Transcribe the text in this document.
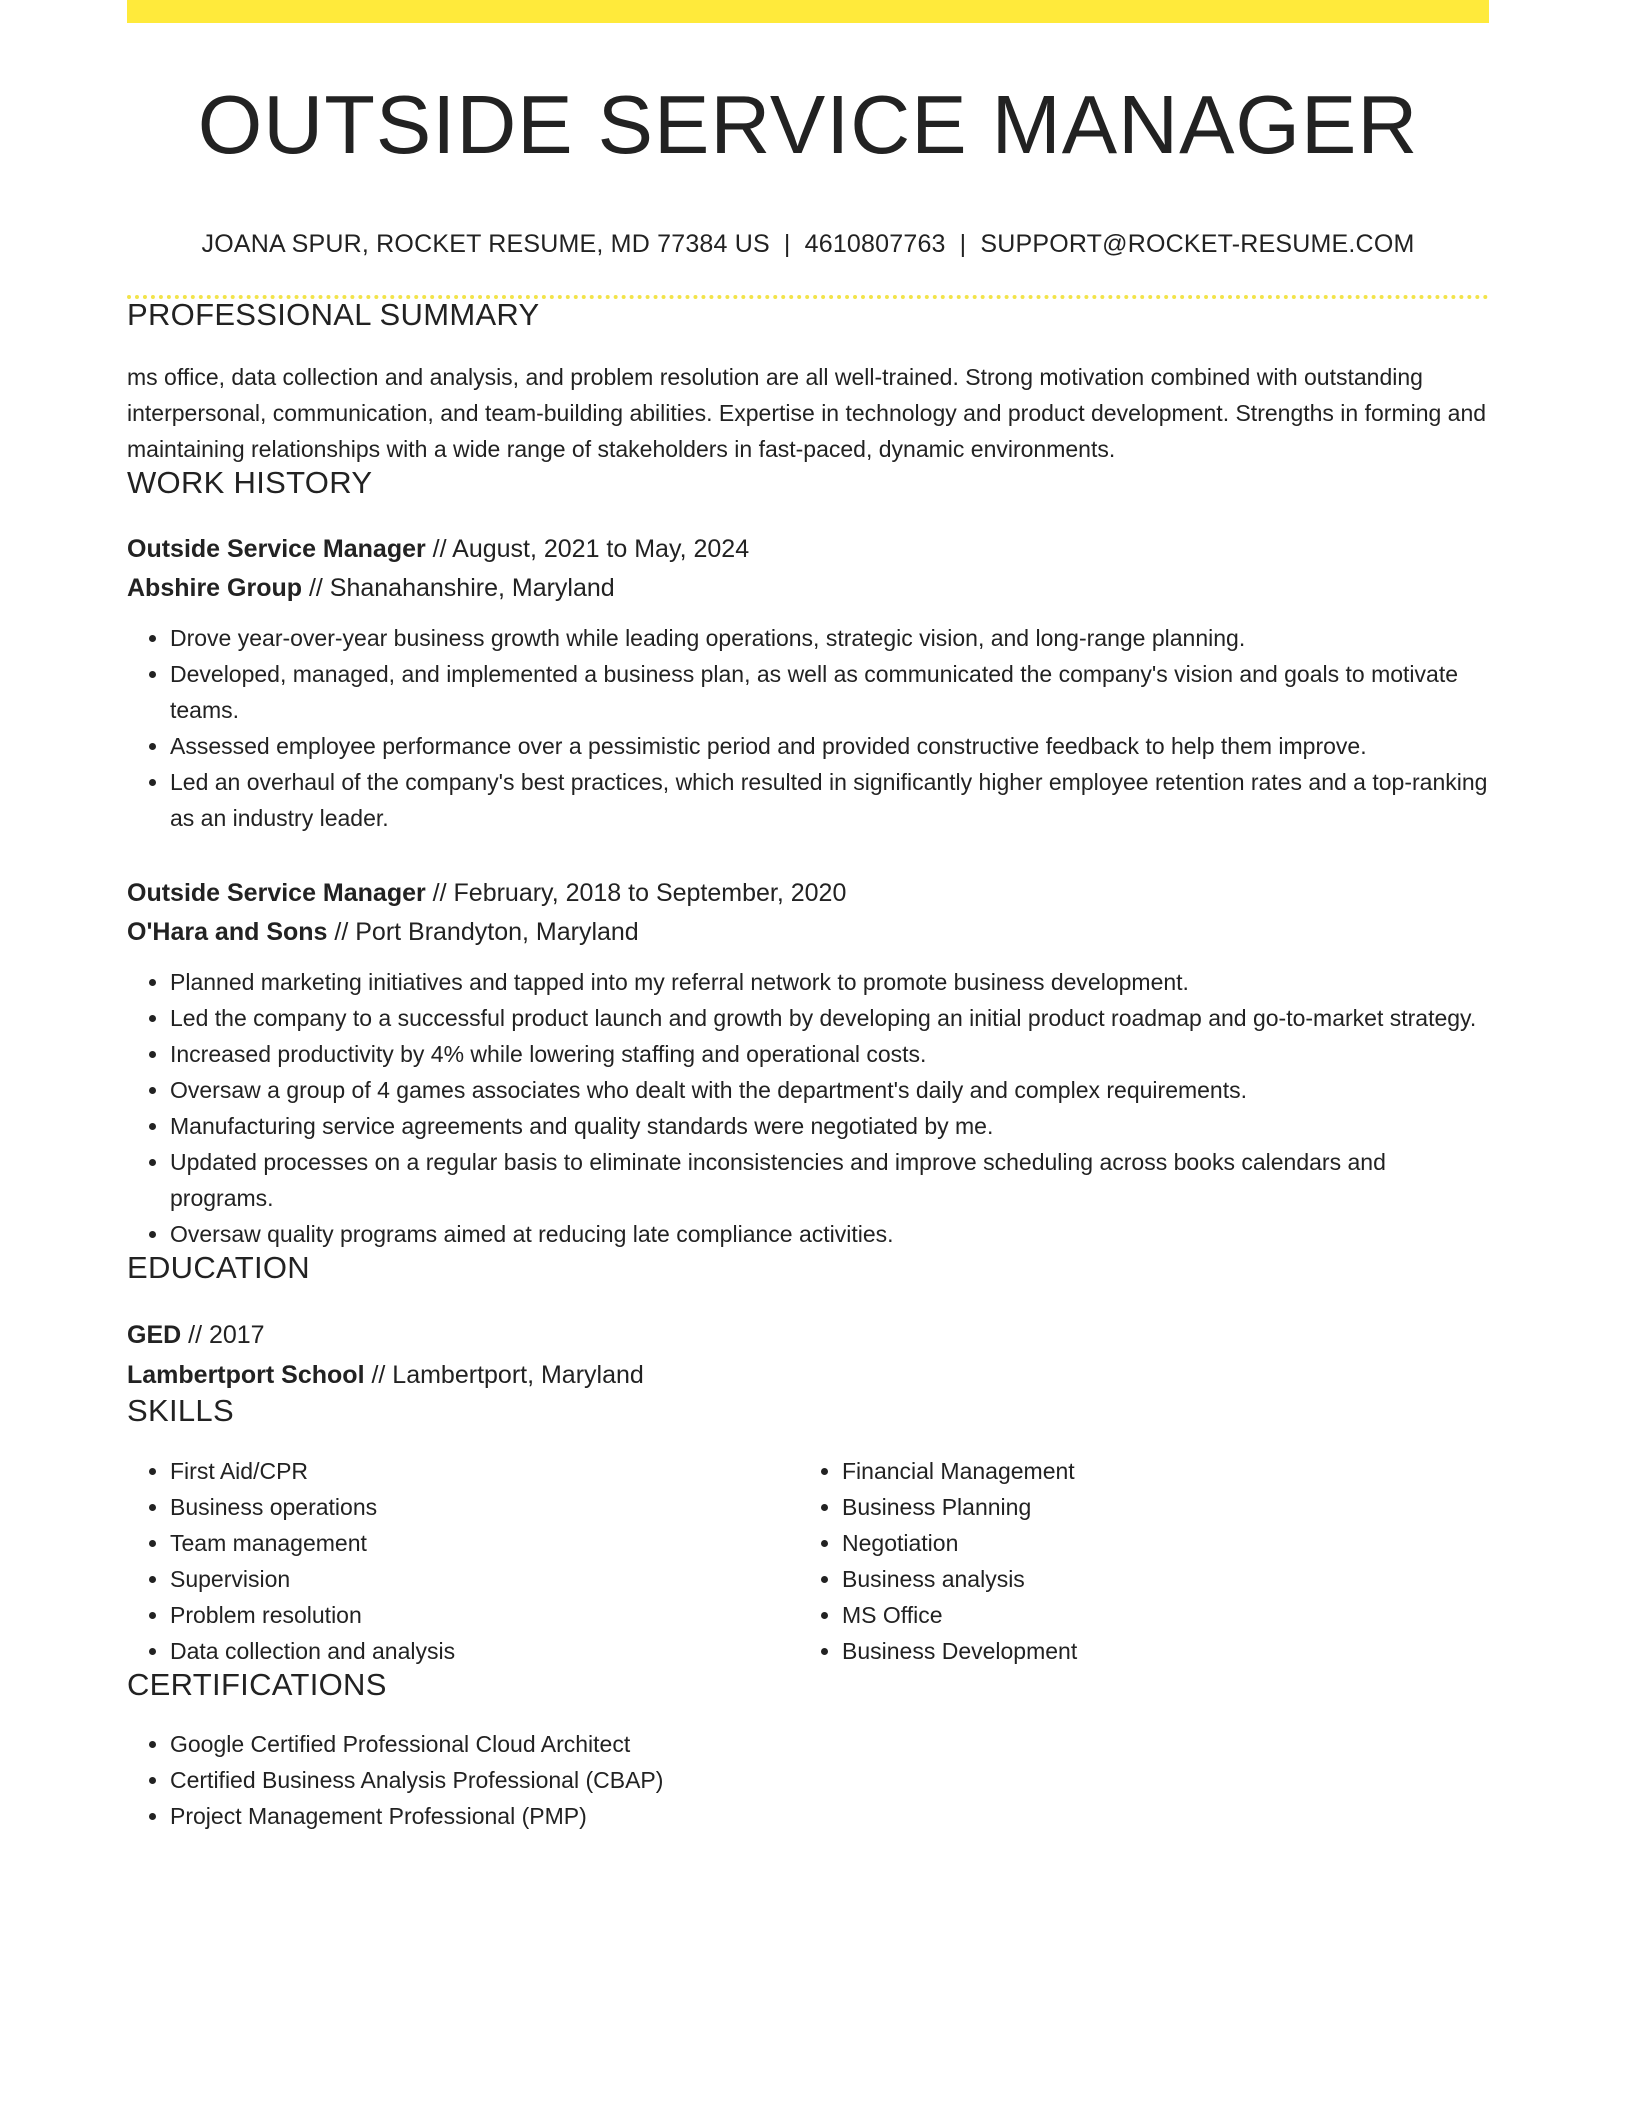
OUTSIDE SERVICE MANAGER
JOANA SPUR, ROCKET RESUME, MD 77384 US | 4610807763 | SUPPORT@ROCKET-RESUME.COM
PROFESSIONAL SUMMARY
ms office, data collection and analysis, and problem resolution are all well-trained. Strong motivation combined with outstanding interpersonal, communication, and team-building abilities. Expertise in technology and product development. Strengths in forming and maintaining relationships with a wide range of stakeholders in fast-paced, dynamic environments.
WORK HISTORY
Outside Service Manager // August, 2021 to May, 2024
Abshire Group // Shanahanshire, Maryland
• Drove year-over-year business growth while leading operations, strategic vision, and long-range planning.
• Developed, managed, and implemented a business plan, as well as communicated the company's vision and goals to motivate teams.
• Assessed employee performance over a pessimistic period and provided constructive feedback to help them improve.
• Led an overhaul of the company's best practices, which resulted in significantly higher employee retention rates and a top-ranking as an industry leader.
Outside Service Manager // February, 2018 to September, 2020
O'Hara and Sons // Port Brandyton, Maryland
• Planned marketing initiatives and tapped into my referral network to promote business development.
• Led the company to a successful product launch and growth by developing an initial product roadmap and go-to-market strategy.
• Increased productivity by 4% while lowering staffing and operational costs.
• Oversaw a group of 4 games associates who dealt with the department's daily and complex requirements.
• Manufacturing service agreements and quality standards were negotiated by me.
• Updated processes on a regular basis to eliminate inconsistencies and improve scheduling across books calendars and programs.
• Oversaw quality programs aimed at reducing late compliance activities.
EDUCATION
GED // 2017
Lambertport School // Lambertport, Maryland
SKILLS
• First Aid/CPR
• Business operations
• Team management
• Supervision
• Problem resolution
• Data collection and analysis
• Financial Management
• Business Planning
• Negotiation
• Business analysis
• MS Office
• Business Development
CERTIFICATIONS
• Google Certified Professional Cloud Architect
• Certified Business Analysis Professional (CBAP)
• Project Management Professional (PMP)
